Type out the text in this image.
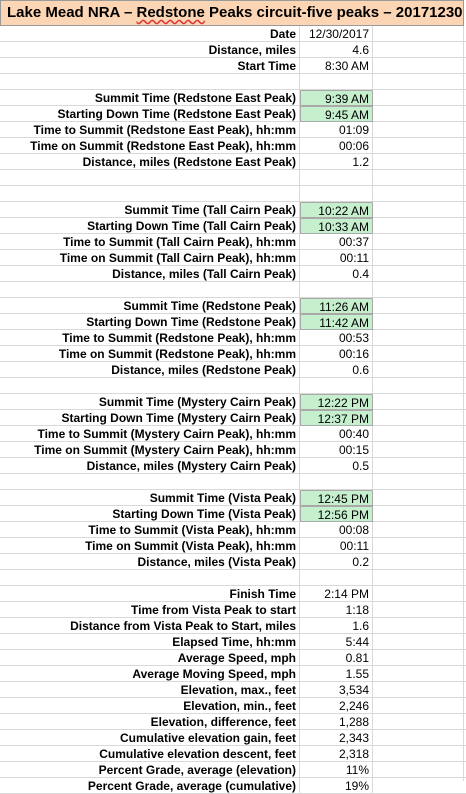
Lake Mead NRA – Redstone Peaks circuit-five peaks – 20171230
Date	12/30/2017
Distance, miles	4.6
Start Time	8:30 AM
Summit Time (Redstone East Peak)	9:39 AM
Starting Down Time (Redstone East Peak)	9:45 AM
Time to Summit (Redstone East Peak), hh:mm	01:09
Time on Summit (Redstone East Peak), hh:mm	00:06
Distance, miles (Redstone East Peak)	1.2
Summit Time (Tall Cairn Peak)	10:22 AM
Starting Down Time (Tall Cairn Peak)	10:33 AM
Time to Summit (Tall Cairn Peak), hh:mm	00:37
Time on Summit (Tall Cairn Peak), hh:mm	00:11
Distance, miles (Tall Cairn Peak)	0.4
Summit Time (Redstone Peak)	11:26 AM
Starting Down Time (Redstone Peak)	11:42 AM
Time to Summit (Redstone Peak), hh:mm	00:53
Time on Summit (Redstone Peak), hh:mm	00:16
Distance, miles (Redstone Peak)	0.6
Summit Time (Mystery Cairn Peak)	12:22 PM
Starting Down Time (Mystery Cairn Peak)	12:37 PM
Time to Summit (Mystery Cairn Peak), hh:mm	00:40
Time on Summit (Mystery Cairn Peak), hh:mm	00:15
Distance, miles (Mystery Cairn Peak)	0.5
Summit Time (Vista Peak)	12:45 PM
Starting Down Time (Vista Peak)	12:56 PM
Time to Summit (Vista Peak), hh:mm	00:08
Time on Summit (Vista Peak), hh:mm	00:11
Distance, miles (Vista Peak)	0.2
Finish Time	2:14 PM
Time from Vista Peak to start	1:18
Distance from Vista Peak to Start, miles	1.6
Elapsed Time, hh:mm	5:44
Average Speed, mph	0.81
Average Moving Speed, mph	1.55
Elevation, max., feet	3,534
Elevation, min., feet	2,246
Elevation, difference, feet	1,288
Cumulative elevation gain, feet	2,343
Cumulative elevation descent, feet	2,318
Percent Grade, average (elevation)	11%
Percent Grade, average (cumulative)	19%
